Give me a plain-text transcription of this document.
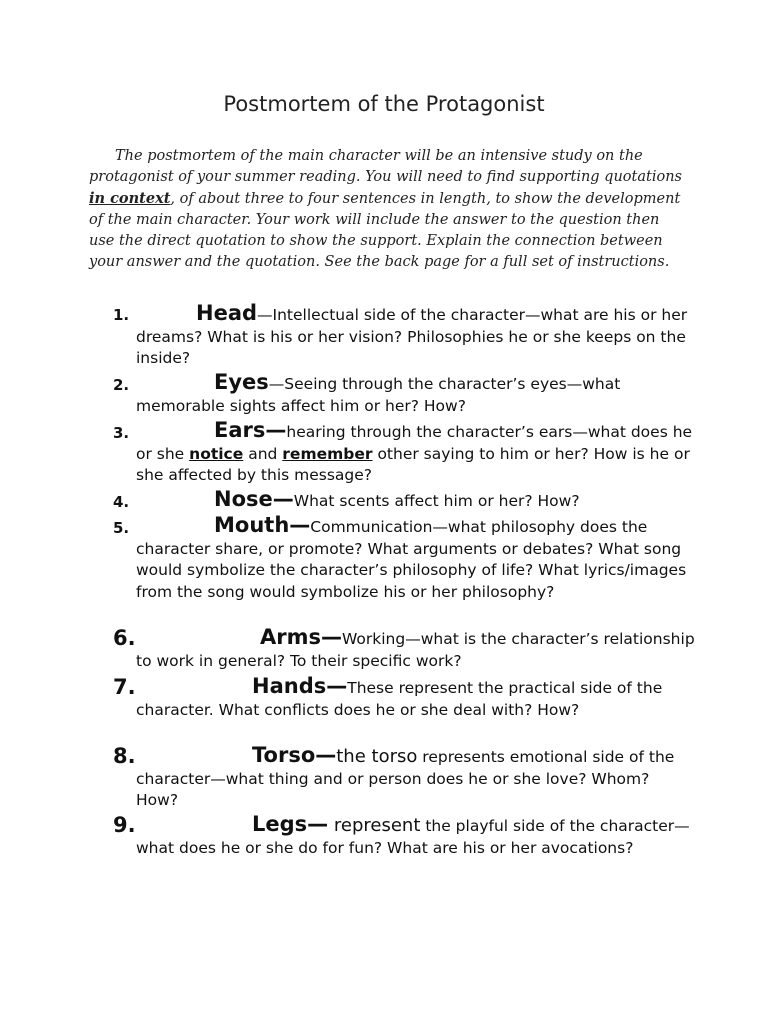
Postmortem of the Protagonist
The postmortem of the main character will be an intensive study on the protagonist of your summer reading. You will need to find supporting quotations in context, of about three to four sentences in length, to show the development of the main character. Your work will include the answer to the question then use the direct quotation to show the support. Explain the connection between your answer and the quotation. See the back page for a full set of instructions.
1.	Head—Intellectual side of the character—what are his or her dreams? What is his or her vision? Philosophies he or she keeps on the inside?
2.	Eyes—Seeing through the character’s eyes—what memorable sights affect him or her? How?
3.	Ears—hearing through the character’s ears—what does he or she notice and remember other saying to him or her? How is he or she affected by this message?
4.	Nose—What scents affect him or her? How?
5.	Mouth—Communication—what philosophy does the character share, or promote? What arguments or debates? What song would symbolize the character’s philosophy of life? What lyrics/images from the song would symbolize his or her philosophy?
6.	Arms—Working—what is the character’s relationship to work in general? To their specific work?
7.	Hands—These represent the practical side of the character. What conflicts does he or she deal with? How?
8.	Torso—the torso represents emotional side of the character—what thing and or person does he or she love? Whom? How?
9.	Legs— represent the playful side of the character—what does he or she do for fun? What are his or her avocations?
